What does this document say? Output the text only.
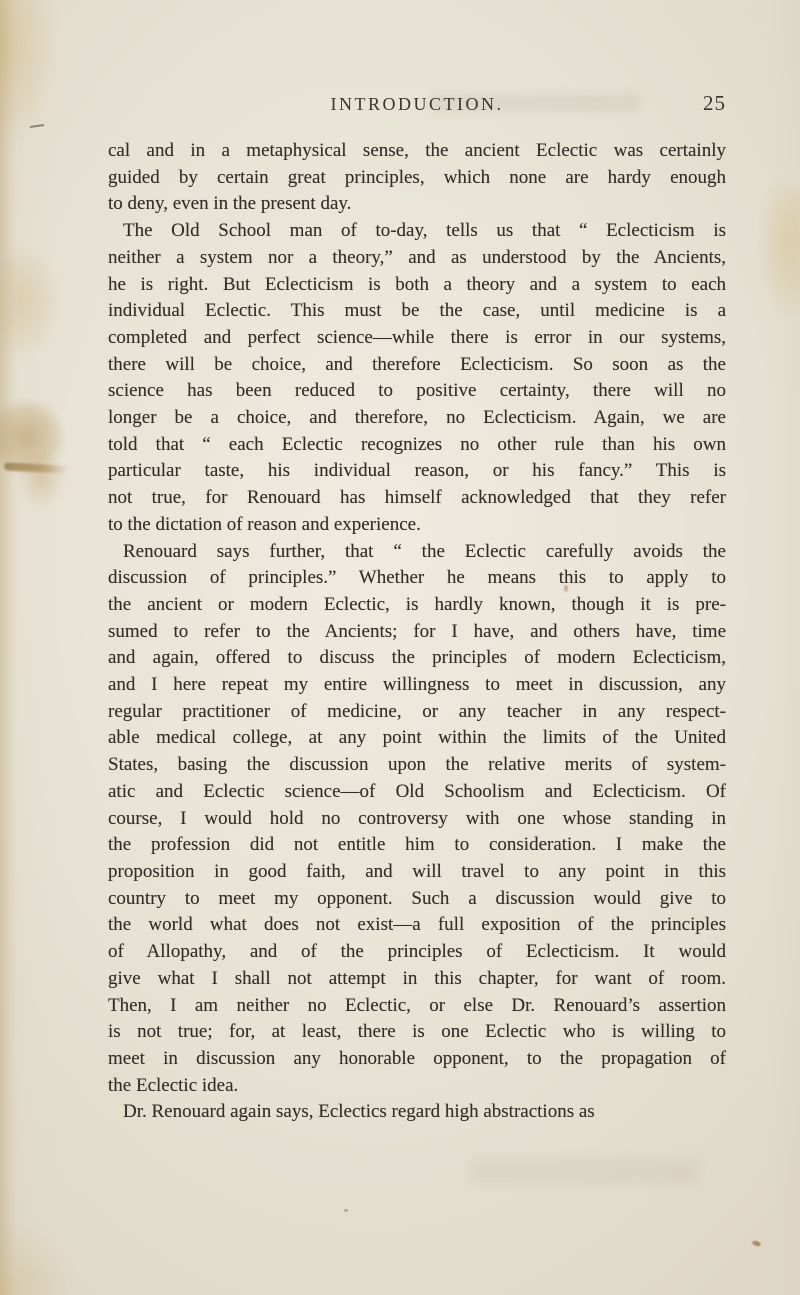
INTRODUCTION.	25
cal and in a metaphysical sense, the ancient Eclectic was certainly
guided by certain great principles, which none are hardy enough
to deny, even in the present day.
The Old School man of to-day, tells us that “ Eclecticism is
neither a system nor a theory,” and as understood by the Ancients,
he is right. But Eclecticism is both a theory and a system to each
individual Eclectic. This must be the case, until medicine is a
completed and perfect science—while there is error in our systems,
there will be choice, and therefore Eclecticism. So soon as the
science has been reduced to positive certainty, there will no
longer be a choice, and therefore, no Eclecticism. Again, we are
told that “ each Eclectic recognizes no other rule than his own
particular taste, his individual reason, or his fancy.” This is
not true, for Renouard has himself acknowledged that they refer
to the dictation of reason and experience.
Renouard says further, that “ the Eclectic carefully avoids the
discussion of principles.” Whether he means this to apply to
the ancient or modern Eclectic, is hardly known, though it is pre-
sumed to refer to the Ancients; for I have, and others have, time
and again, offered to discuss the principles of modern Eclecticism,
and I here repeat my entire willingness to meet in discussion, any
regular practitioner of medicine, or any teacher in any respect-
able medical college, at any point within the limits of the United
States, basing the discussion upon the relative merits of system-
atic and Eclectic science—of Old Schoolism and Eclecticism. Of
course, I would hold no controversy with one whose standing in
the profession did not entitle him to consideration. I make the
proposition in good faith, and will travel to any point in this
country to meet my opponent. Such a discussion would give to
the world what does not exist—a full exposition of the principles
of Allopathy, and of the principles of Eclecticism. It would
give what I shall not attempt in this chapter, for want of room.
Then, I am neither no Eclectic, or else Dr. Renouard’s assertion
is not true; for, at least, there is one Eclectic who is willing to
meet in discussion any honorable opponent, to the propagation of
the Eclectic idea.
Dr. Renouard again says, Eclectics regard high abstractions as
